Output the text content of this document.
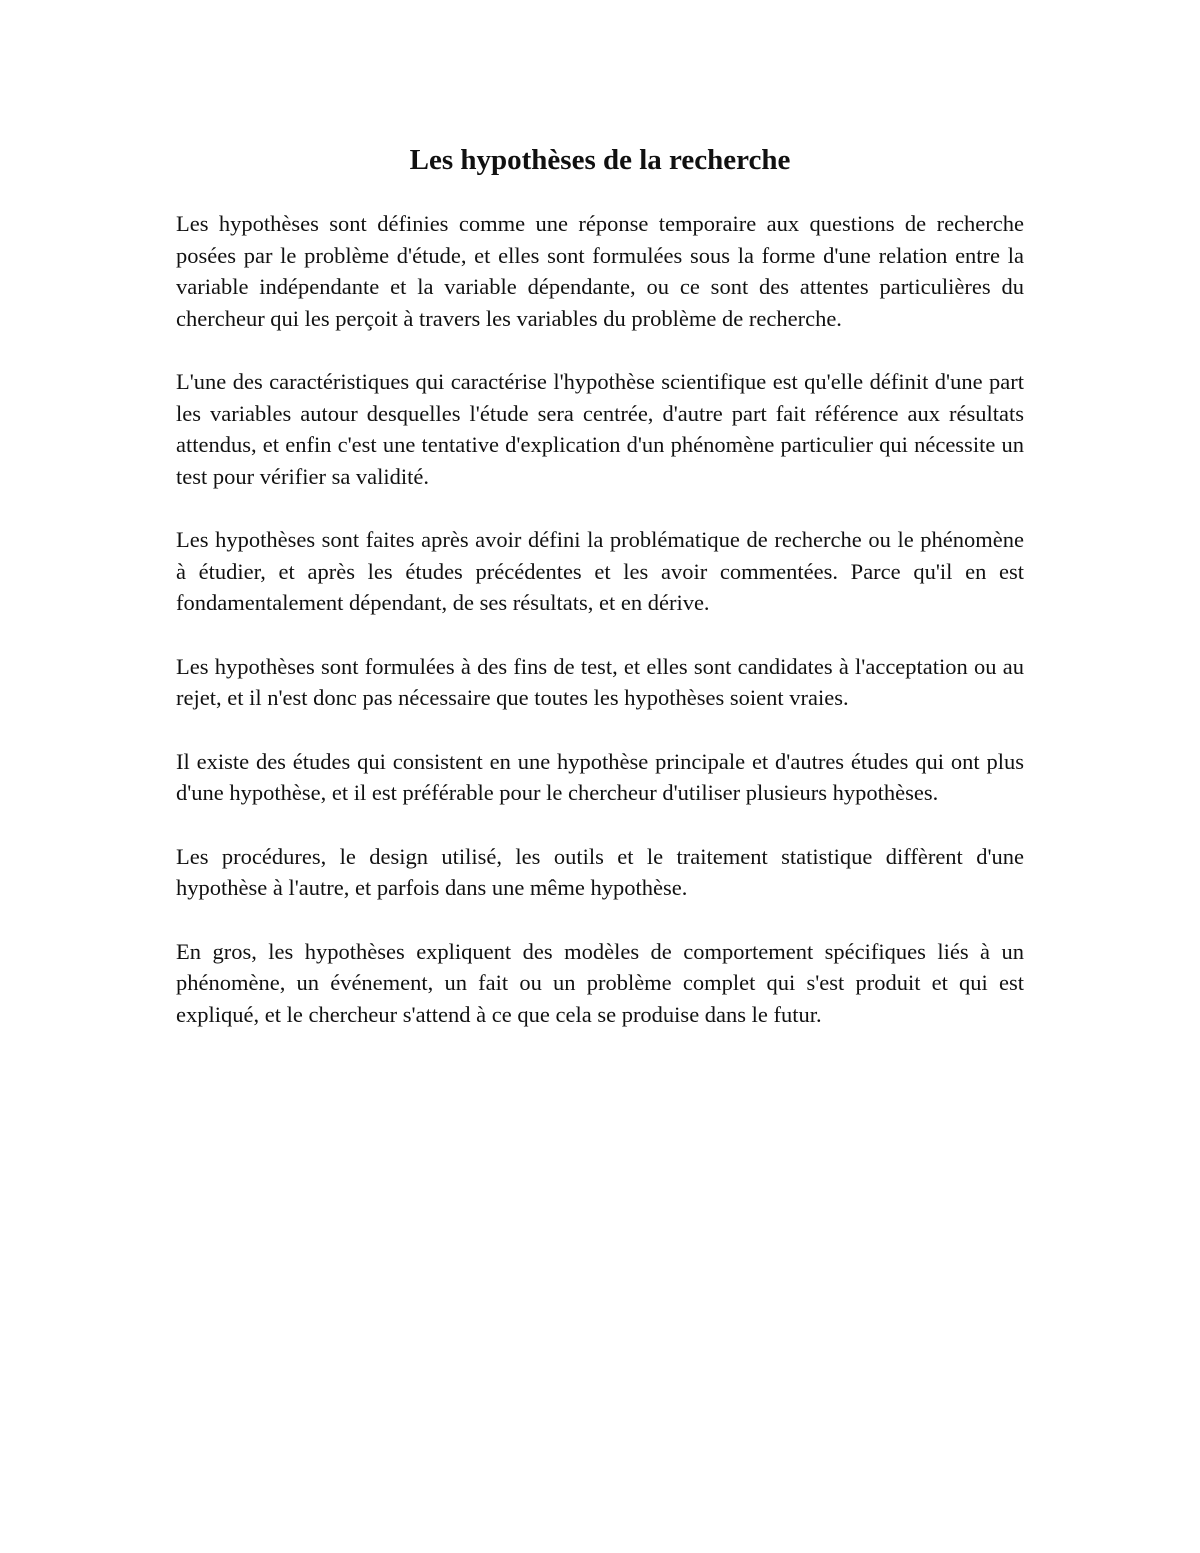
Les hypothèses de la recherche

Les hypothèses sont définies comme une réponse temporaire aux questions de recherche posées par le problème d'étude, et elles sont formulées sous la forme d'une relation entre la variable indépendante et la variable dépendante, ou ce sont des attentes particulières du chercheur qui les perçoit à travers les variables du problème de recherche.

L'une des caractéristiques qui caractérise l'hypothèse scientifique est qu'elle définit d'une part les variables autour desquelles l'étude sera centrée, d'autre part fait référence aux résultats attendus, et enfin c'est une tentative d'explication d'un phénomène particulier qui nécessite un test pour vérifier sa validité.

Les hypothèses sont faites après avoir défini la problématique de recherche ou le phénomène à étudier, et après les études précédentes et les avoir commentées. Parce qu'il en est fondamentalement dépendant, de ses résultats, et en dérive.

Les hypothèses sont formulées à des fins de test, et elles sont candidates à l'acceptation ou au rejet, et il n'est donc pas nécessaire que toutes les hypothèses soient vraies.

Il existe des études qui consistent en une hypothèse principale et d'autres études qui ont plus d'une hypothèse, et il est préférable pour le chercheur d'utiliser plusieurs hypothèses.

Les procédures, le design utilisé, les outils et le traitement statistique diffèrent d'une hypothèse à l'autre, et parfois dans une même hypothèse.

En gros, les hypothèses expliquent des modèles de comportement spécifiques liés à un phénomène, un événement, un fait ou un problème complet qui s'est produit et qui est expliqué, et le chercheur s'attend à ce que cela se produise dans le futur.
